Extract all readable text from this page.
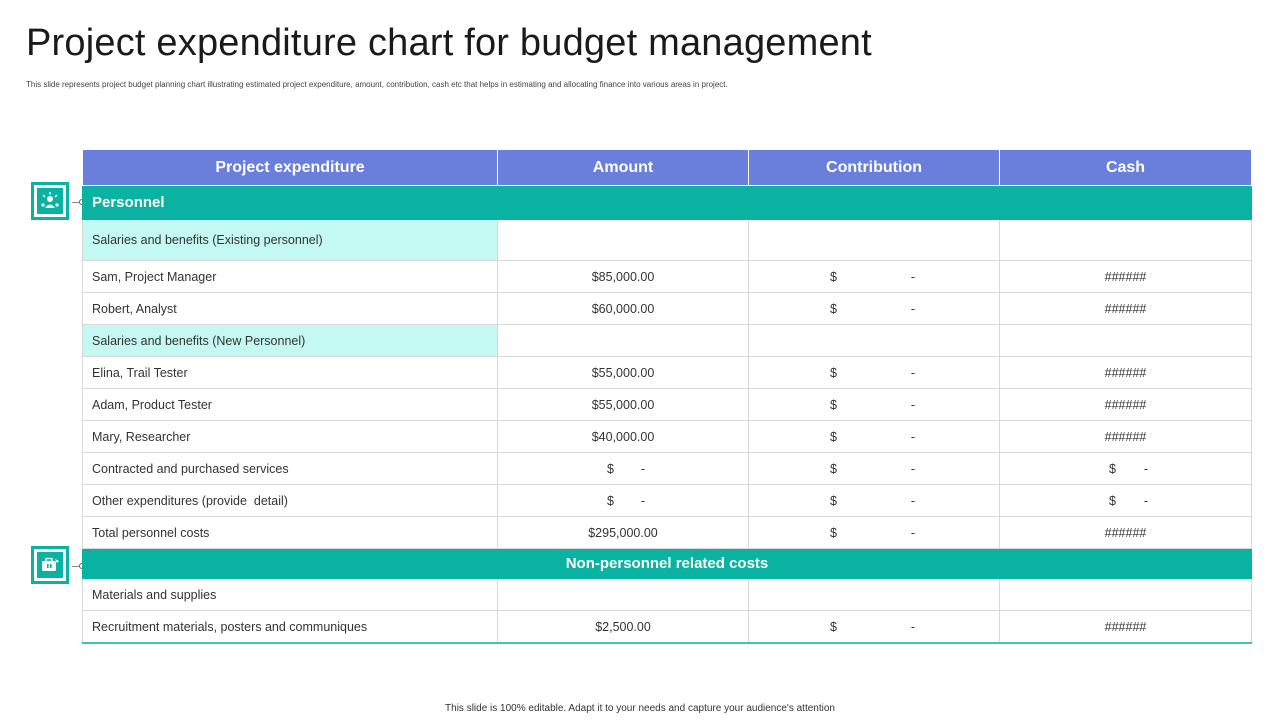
Project expenditure chart for budget management

This slide represents project budget planning chart illustrating estimated project expenditure, amount, contribution, cash etc that helps in estimating and allocating finance into various areas in project.

Project expenditure	Amount	Contribution	Cash
Personnel			
Salaries and benefits (Existing personnel)			
Sam, Project Manager	$85,000.00	$ -	######
Robert, Analyst	$60,000.00	$ -	######
Salaries and benefits (New Personnel)			
Elina, Trail Tester	$55,000.00	$ -	######
Adam, Product Tester	$55,000.00	$ -	######
Mary, Researcher	$40,000.00	$ -	######
Contracted and purchased services	$ -	$ -	$ -

Other expenditures (provide  detail)	$ -	$ -	$ -

Total personnel costs	$295,000.00	$ -	######
Non-personnel related costs			
Materials and supplies			
Recruitment materials, posters and communiques	$2,500.00	$ -	######
This slide is 100% editable. Adapt it to your needs and capture your audience's attention
